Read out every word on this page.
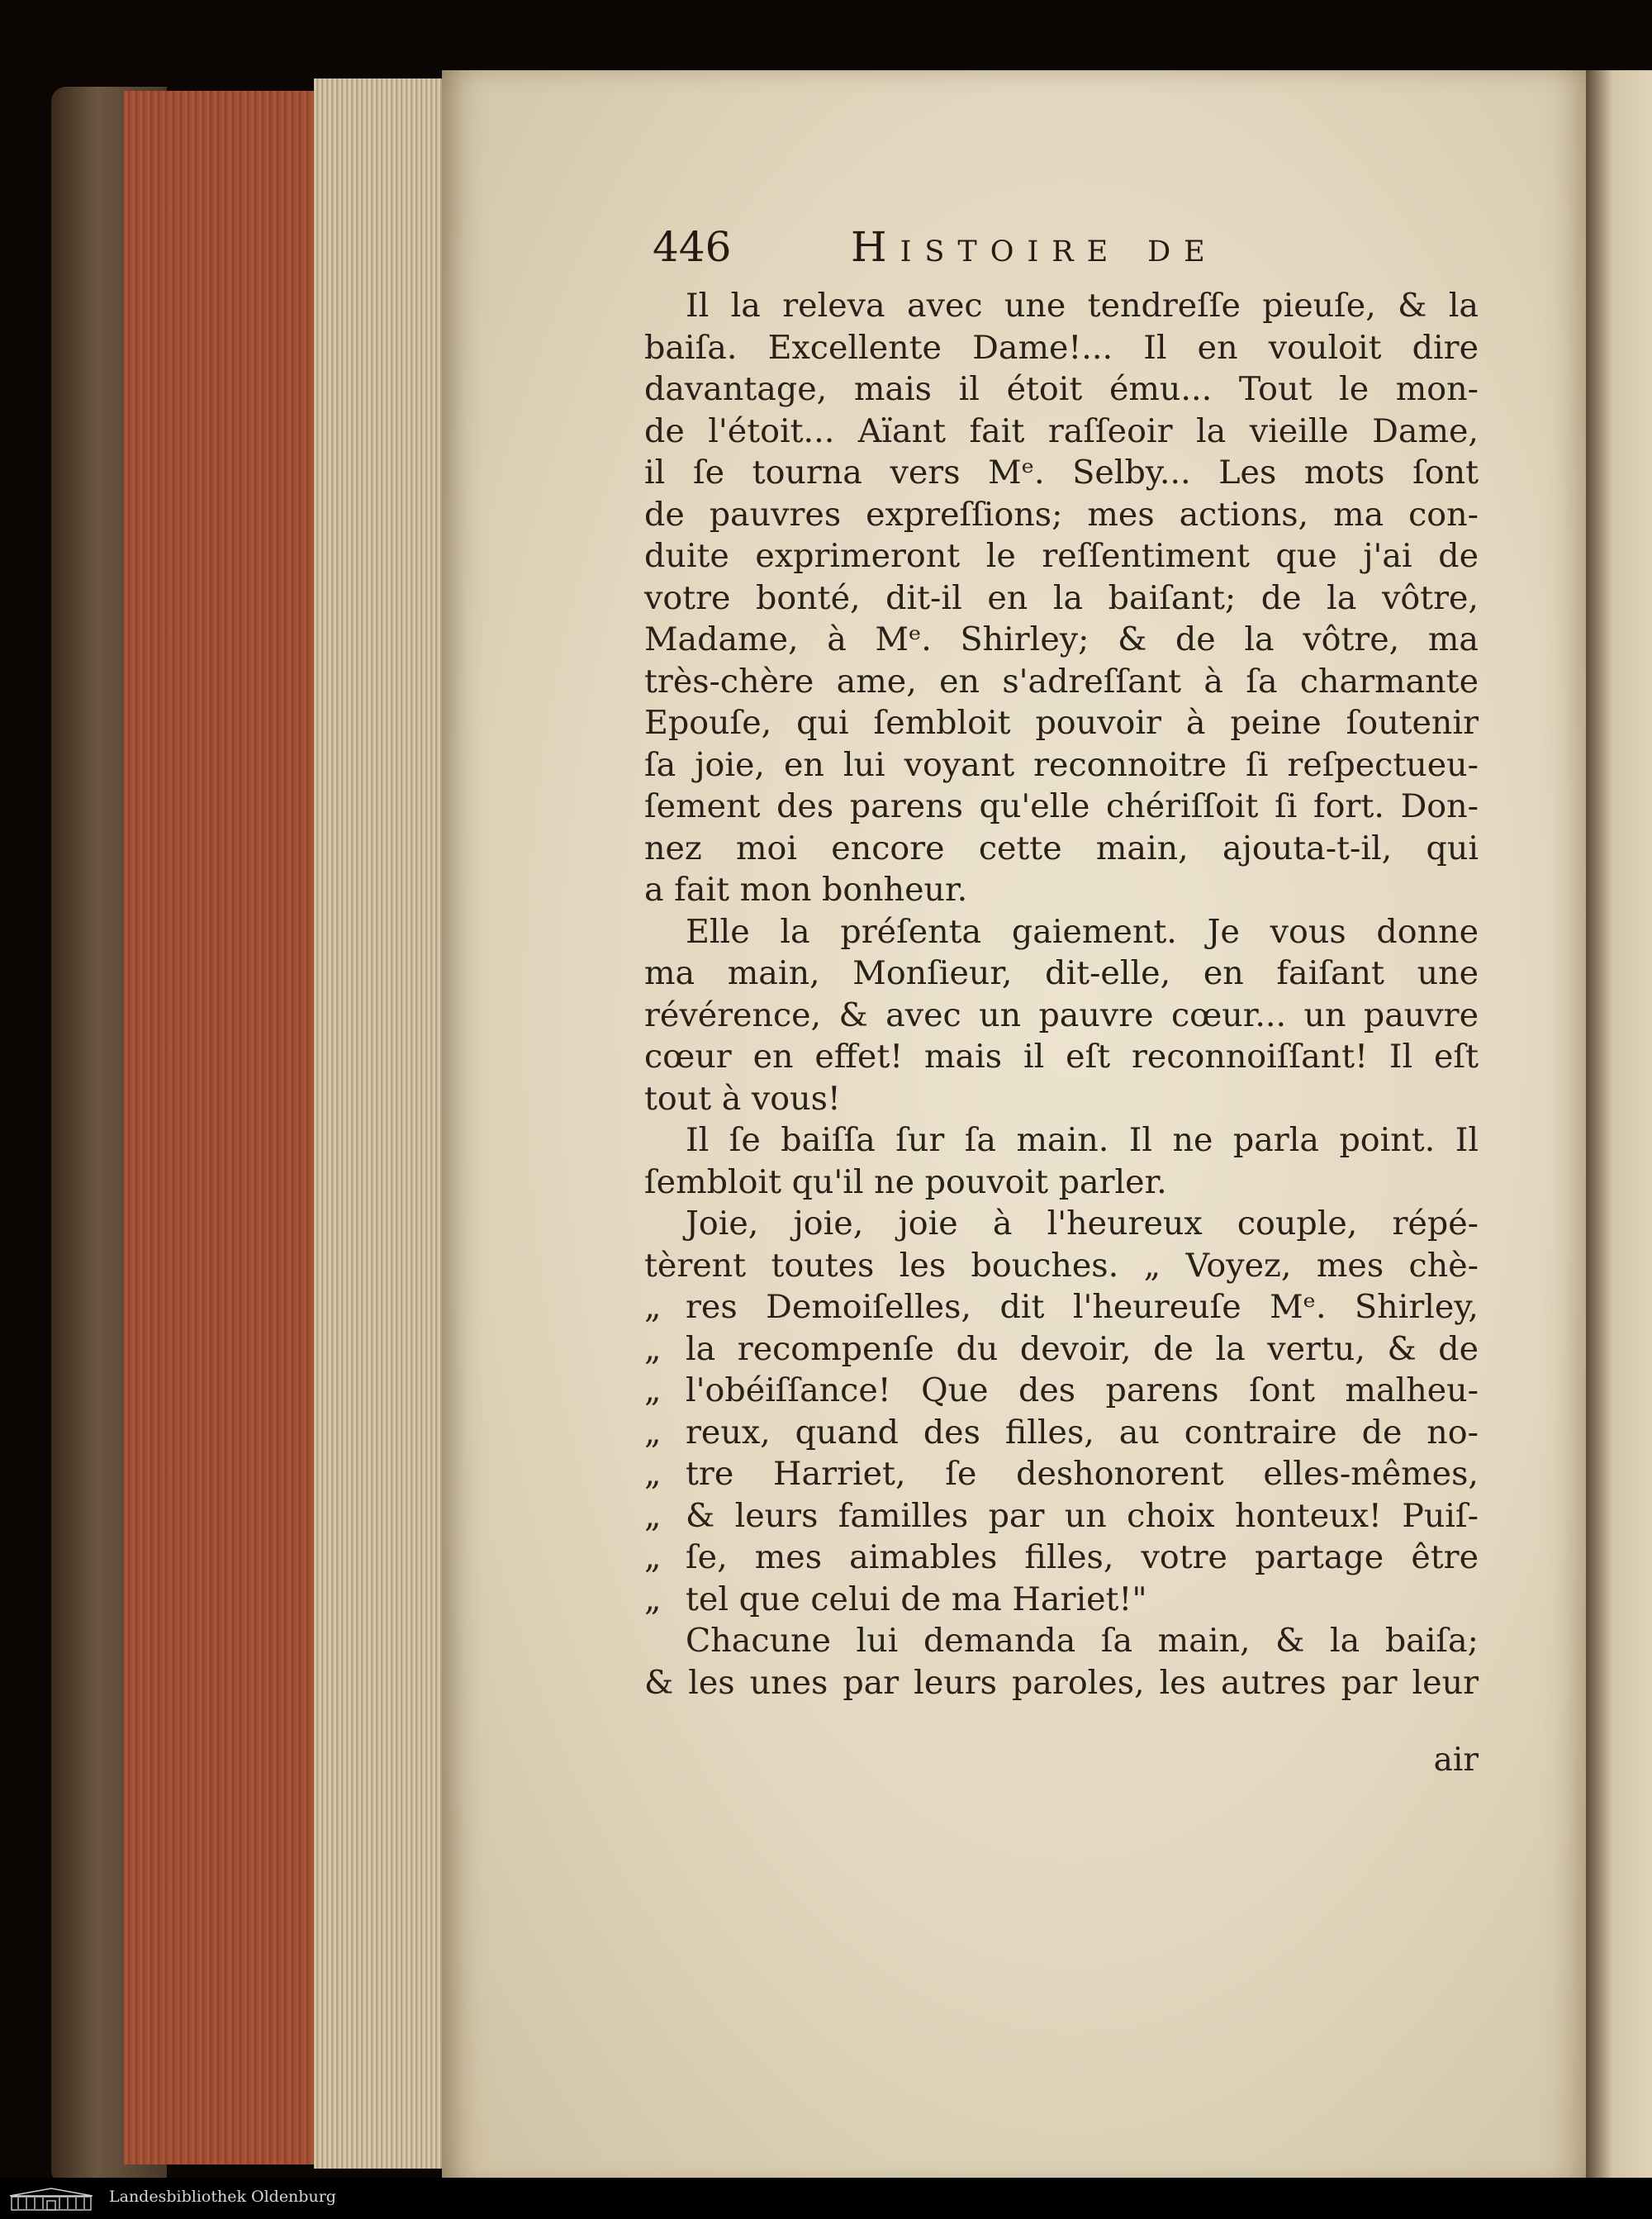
446	Histoire de
Il la releva avec une tendreſſe pieuſe, & la
baiſa. Excellente Dame!... Il en vouloit dire
davantage, mais il étoit ému... Tout le mon-
de l'étoit... Aïant fait raſſeoir la vieille Dame,
il ſe tourna vers Mᵉ. Selby... Les mots ſont
de pauvres expreſſions; mes actions, ma con-
duite exprimeront le reſſentiment que j'ai de
votre bonté, dit-il en la baiſant; de la vôtre,
Madame, à Mᵉ. Shirley; & de la vôtre, ma
très-chère ame, en s'adreſſant à ſa charmante
Epouſe, qui ſembloit pouvoir à peine ſoutenir
ſa joie, en lui voyant reconnoitre ſi reſpectueu-
ſement des parens qu'elle chériſſoit ſi fort. Don-
nez moi encore cette main, ajouta-t-il, qui
a fait mon bonheur.
Elle la préſenta gaiement. Je vous donne
ma main, Monſieur, dit-elle, en faiſant une
révérence, & avec un pauvre cœur... un pauvre
cœur en effet! mais il eſt reconnoiſſant! Il eſt
tout à vous!
Il ſe baiſſa ſur ſa main. Il ne parla point. Il
ſembloit qu'il ne pouvoit parler.
Joie, joie, joie à l'heureux couple, répé-
tèrent toutes les bouches. „ Voyez, mes chè-
„ res Demoiſelles, dit l'heureuſe Mᵉ. Shirley,
„ la recompenſe du devoir, de la vertu, & de
„ l'obéiſſance! Que des parens ſont malheu-
„ reux, quand des filles, au contraire de no-
„ tre Harriet, ſe deshonorent elles-mêmes,
„ & leurs familles par un choix honteux! Puiſ-
„ ſe, mes aimables filles, votre partage être
„ tel que celui de ma Hariet!"
Chacune lui demanda ſa main, & la baiſa;
& les unes par leurs paroles, les autres par leur
air
Landesbibliothek Oldenburg
